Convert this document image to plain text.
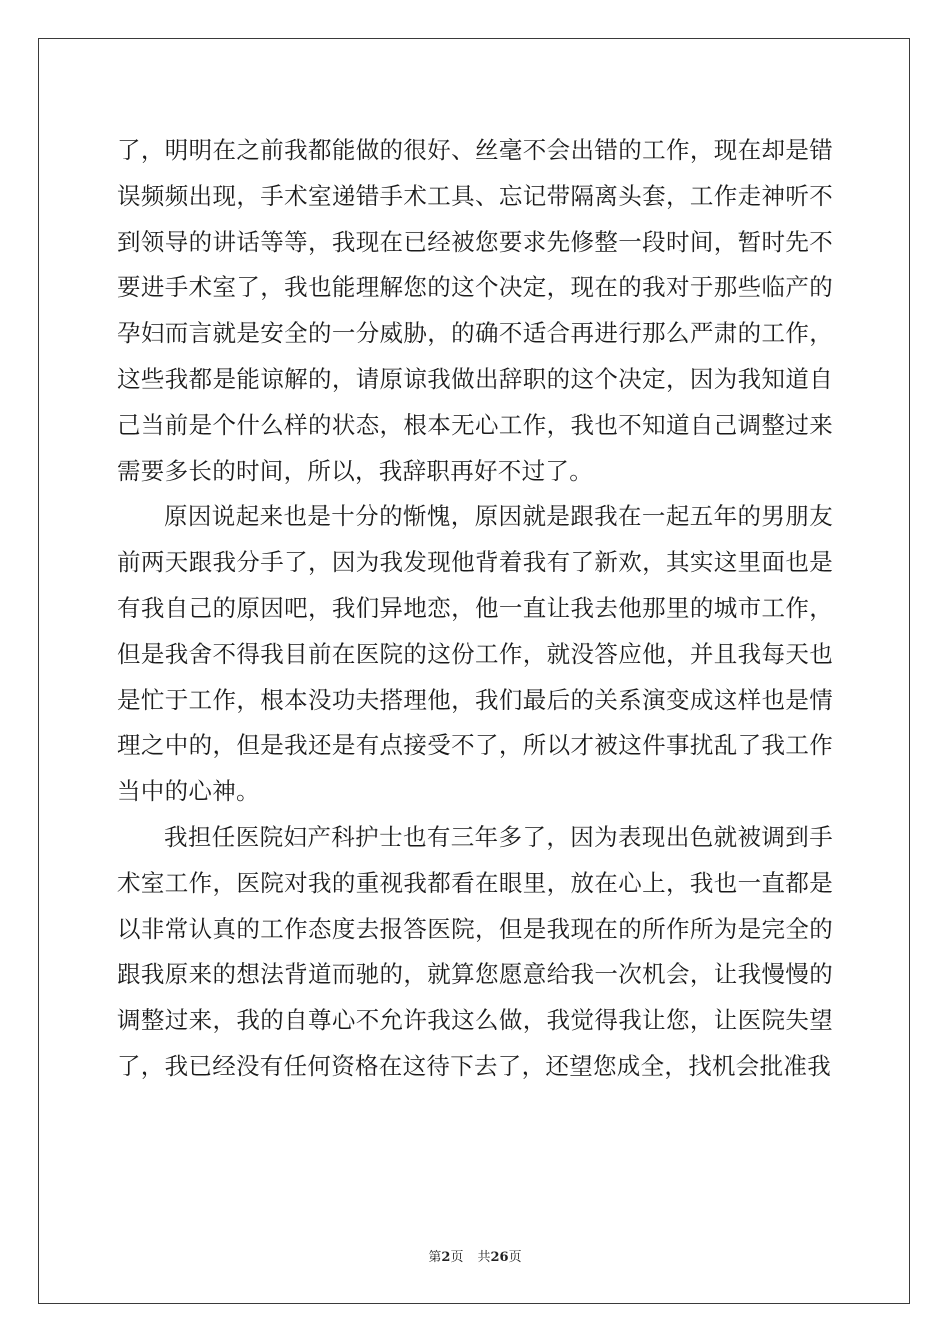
了，明明在之前我都能做的很好、丝毫不会出错的工作，现在却是错误频频出现，手术室递错手术工具、忘记带隔离头套，工作走神听不到领导的讲话等等，我现在已经被您要求先修整一段时间，暂时先不要进手术室了，我也能理解您的这个决定，现在的我对于那些临产的孕妇而言就是安全的一分威胁，的确不适合再进行那么严肃的工作，这些我都是能谅解的，请原谅我做出辞职的这个决定，因为我知道自己当前是个什么样的状态，根本无心工作，我也不知道自己调整过来需要多长的时间，所以，我辞职再好不过了。

原因说起来也是十分的惭愧，原因就是跟我在一起五年的男朋友前两天跟我分手了，因为我发现他背着我有了新欢，其实这里面也是有我自己的原因吧，我们异地恋，他一直让我去他那里的城市工作，但是我舍不得我目前在医院的这份工作，就没答应他，并且我每天也是忙于工作，根本没功夫搭理他，我们最后的关系演变成这样也是情理之中的，但是我还是有点接受不了，所以才被这件事扰乱了我工作当中的心神。

我担任医院妇产科护士也有三年多了，因为表现出色就被调到手术室工作，医院对我的重视我都看在眼里，放在心上，我也一直都是以非常认真的工作态度去报答医院，但是我现在的所作所为是完全的跟我原来的想法背道而驰的，就算您愿意给我一次机会，让我慢慢的调整过来，我的自尊心不允许我这么做，我觉得我让您，让医院失望了，我已经没有任何资格在这待下去了，还望您成全，找机会批准我

第2页 共26页
